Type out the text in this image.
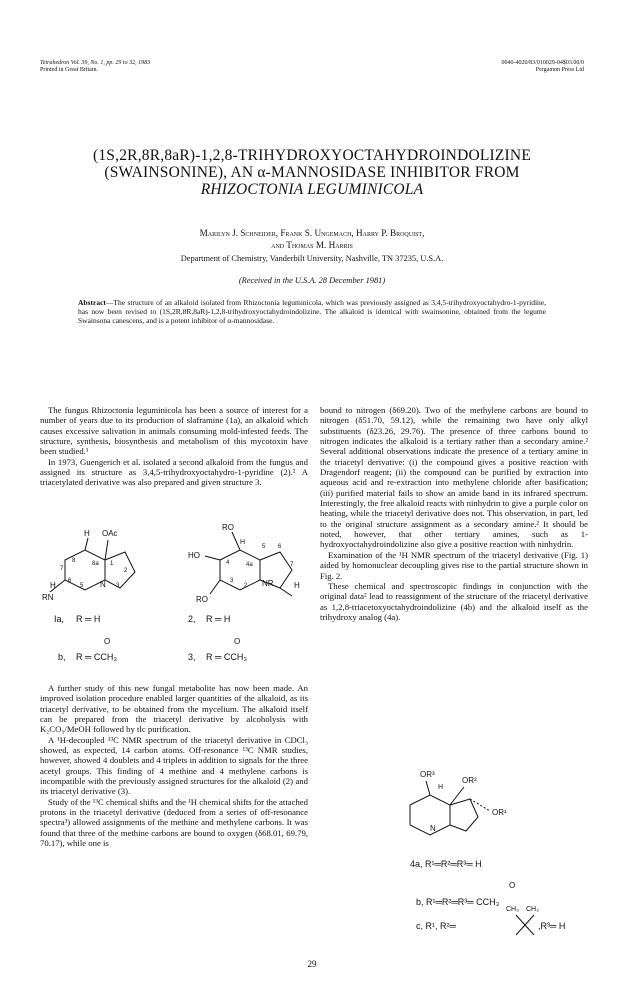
Tetrahedron Vol. 39, No. 1, pp. 29 to 32, 1983
Printed in Great Britain.
0040-4020/83/010029-04$03.00/0
Pergamon Press Ltd
(1S,2R,8R,8aR)-1,2,8-TRIHYDROXYOCTAHYDROINDOLIZINE
(SWAINSONINE), AN α-MANNOSIDASE INHIBITOR FROM
RHIZOCTONIA LEGUMINICOLA
Marilyn J. Schneider, Frank S. Ungemach, Harry P. Broquist,
and Thomas M. Harris
Department of Chemistry, Vanderbilt University, Nashville, TN 37235, U.S.A.
(Received in the U.S.A. 28 December 1981)
Abstract—The structure of an alkaloid isolated from Rhizoctonia leguminicola, which was previously assigned as 3,4,5-trihydroxyoctahydro-1-pyridine, has now been revised to (1S,2R,8R,8aR)-1,2,8-trihydroxyoctahydroindolizine. The alkaloid is identical with swainsonine, obtained from the legume Swainsona canescens, and is a potent inhibitor of α-mannosidase.

The fungus Rhizoctonia leguminicola has been a source of interest for a number of years due to its production of slaframine (1a), an alkaloid which causes excessive salivation in animals consuming mold-infested feeds. The structure, synthesis, biosynthesis and metabolism of this mycotoxin have been studied.¹

In 1973, Guengerich et al. isolated a second alkaloid from the fungus and assigned its structure as 3,4,5-trihydroxyoctahydro-1-pyridine (2).² A triacetylated derivative was also prepared and given structure 3.

H OAc
8	8a 1
2
7
6
5 N 3
H
RN
Ia, R ═ H
O
b, R ═ CCH₃
RO
H
HO
5 6
4	4a	7
3
2 NR	H
RO
2, R ═ H
O
3, R ═ CCH₃

A further study of this new fungal metabolite has now been made. An improved isolation procedure enabled larger quantities of the alkaloid, as its triacetyl derivative, to be obtained from the mycelium. The alkaloid itself can be prepared from the triacetyl derivative by alcoholysis with K₂CO₃/MeOH followed by tlc purification.

A ¹H-decoupled ¹³C NMR spectrum of the triacetyl derivative in CDCl₃ showed, as expected, 14 carbon atoms. Off-resonance ¹³C NMR studies, however, showed 4 doublets and 4 triplets in addition to signals for the three acetyl groups. This finding of 4 methine and 4 methylene carbons is incompatible with the previously assigned structures for the alkaloid (2) and its triacetyl derivative (3).

Study of the ¹³C chemical shifts and the ¹H chemical shifts for the attached protons in the triacetyl derivative (deduced from a series of off-resonance spectra³) allowed assignments of the methine and methylene carbons. It was found that three of the methine carbons are bound to oxygen (δ68.01, 69.79, 70.17), while one is

bound to nitrogen (δ69.20). Two of the methylene carbons are bound to nitrogen (δ51.70, 59.12), while the remaining two have only alkyl substituents (δ23.26, 29.76). The presence of three carbons bound to nitrogen indicates the alkaloid is a tertiary rather than a secondary amine.² Several additional observations indicate the presence of a tertiary amine in the triacetyl derivative: (i) the compound gives a positive reaction with Dragendorf reagent; (ii) the compound can be purified by extraction into aqueous acid and re-extraction into methylene chloride after basification; (iii) purified material fails to show an amide band in its infrared spectrum. Interestingly, the free alkaloid reacts with ninhydrin to give a purple color on heating, while the triacetyl derivative does not. This observation, in part, led to the original structure assignment as a secondary amine.² It should be noted, however, that other tertiary amines, such as 1-hydroxyoctahydroindolizine also give a positive reaction with ninhydrin.

Examination of the ¹H NMR spectrum of the triacetyl derivative (Fig. 1) aided by homonuclear decoupling gives rise to the partial structure shown in Fig. 2.

These chemical and spectroscopic findings in conjunction with the original data² lead to reassignment of the structure of the triacetyl derivative as 1,2,8-triacetoxyoctahydroindolizine (4b) and the alkaloid itself as the trihydroxy analog (4a).

OR³
H
OR²
OR¹
N
4a, R¹═R²═R³═ H
O
b, R¹═R²═R³═ CCH₃
CH₃ CH₃
c, R¹, R²═	,R³═ H
29
